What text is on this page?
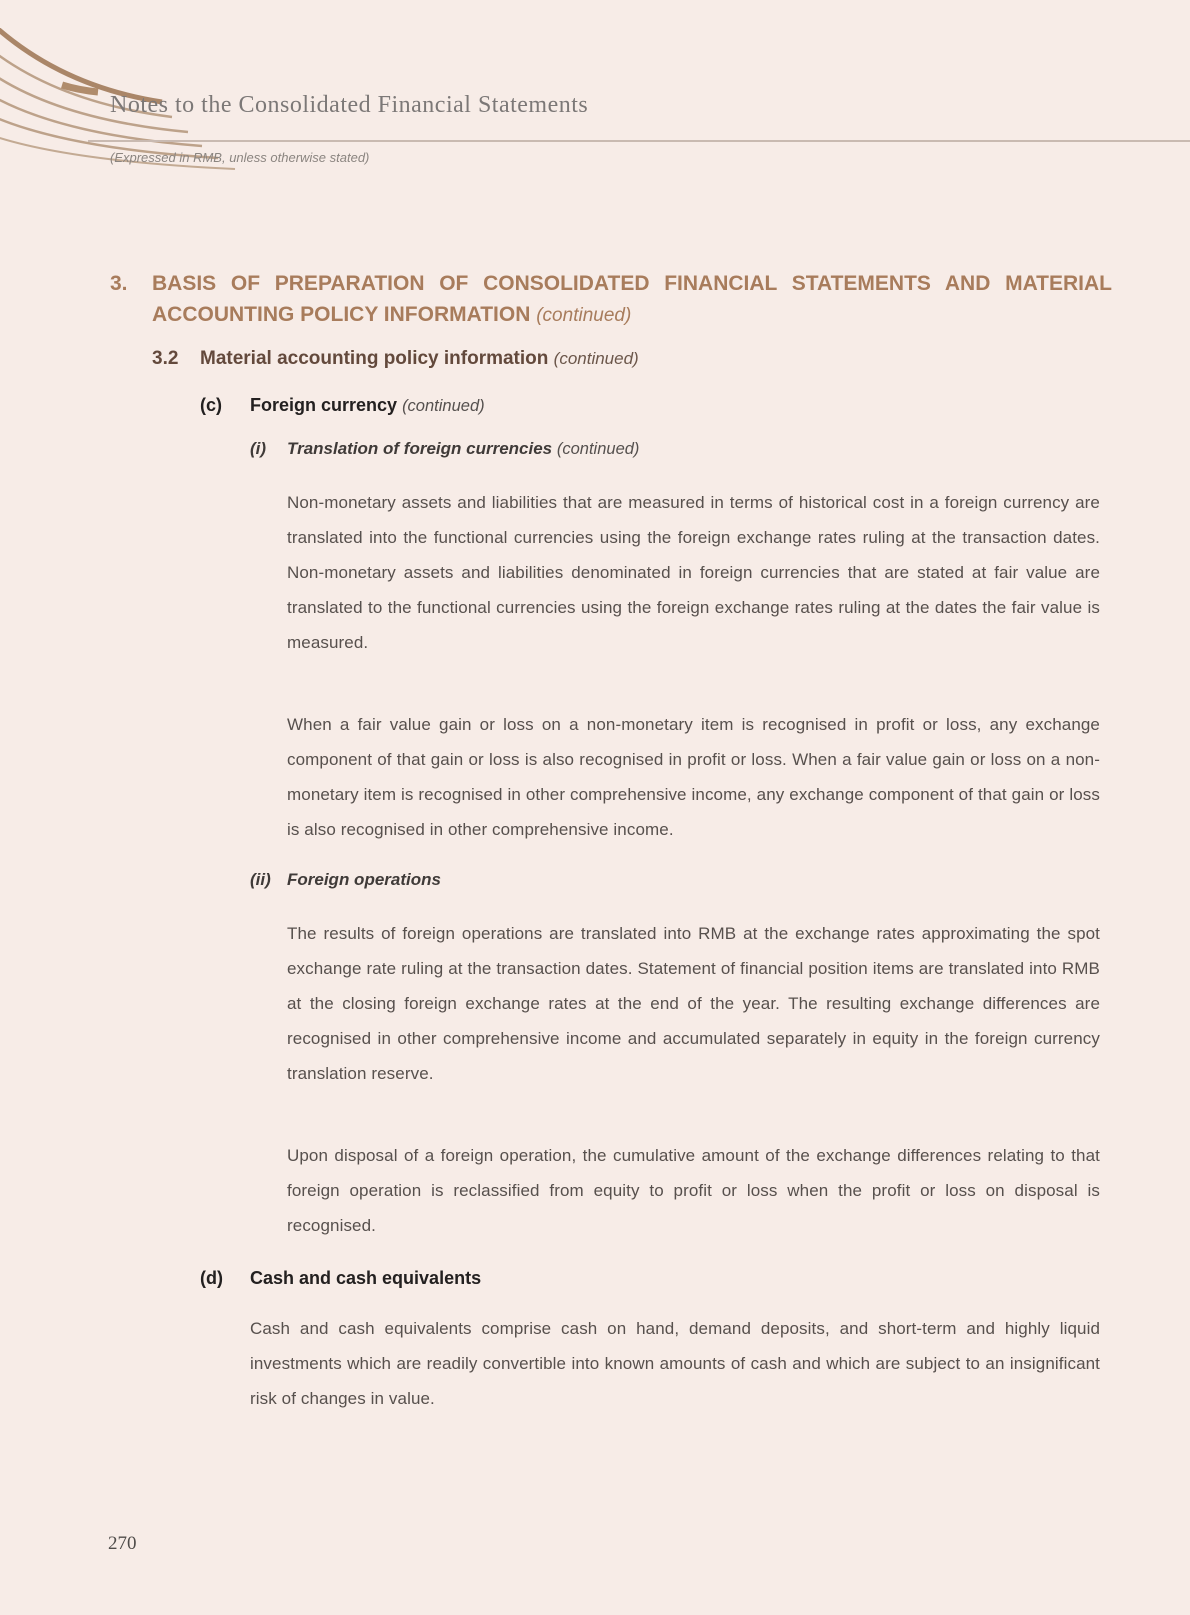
Notes to the Consolidated Financial Statements
(Expressed in RMB, unless otherwise stated)
3.	BASIS OF PREPARATION OF CONSOLIDATED FINANCIAL STATEMENTS AND MATERIAL ACCOUNTING POLICY INFORMATION (continued)
3.2	Material accounting policy information (continued)
(c)	Foreign currency (continued)
(i)	Translation of foreign currencies (continued)

Non-monetary assets and liabilities that are measured in terms of historical cost in a foreign currency are translated into the functional currencies using the foreign exchange rates ruling at the transaction dates. Non-monetary assets and liabilities denominated in foreign currencies that are stated at fair value are translated to the functional currencies using the foreign exchange rates ruling at the dates the fair value is measured.

When a fair value gain or loss on a non-monetary item is recognised in profit or loss, any exchange component of that gain or loss is also recognised in profit or loss. When a fair value gain or loss on a non-monetary item is recognised in other comprehensive income, any exchange component of that gain or loss is also recognised in other comprehensive income.

(ii) Foreign operations

The results of foreign operations are translated into RMB at the exchange rates approximating the spot exchange rate ruling at the transaction dates. Statement of financial position items are translated into RMB at the closing foreign exchange rates at the end of the year. The resulting exchange differences are recognised in other comprehensive income and accumulated separately in equity in the foreign currency translation reserve.

Upon disposal of a foreign operation, the cumulative amount of the exchange differences relating to that foreign operation is reclassified from equity to profit or loss when the profit or loss on disposal is recognised.

(d)	Cash and cash equivalents

Cash and cash equivalents comprise cash on hand, demand deposits, and short-term and highly liquid investments which are readily convertible into known amounts of cash and which are subject to an insignificant risk of changes in value.

270
